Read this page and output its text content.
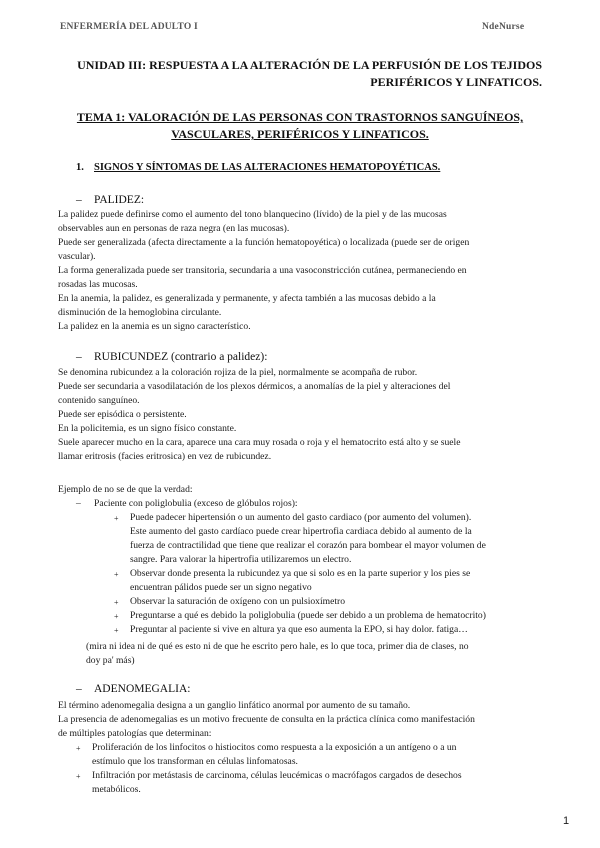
ENFERMERÍA DEL ADULTO I	NdeNurse
UNIDAD III: RESPUESTA A LA ALTERACIÓN DE LA PERFUSIÓN DE LOS TEJIDOS
PERIFÉRICOS Y LINFATICOS.
TEMA 1: VALORACIÓN DE LAS PERSONAS CON TRASTORNOS SANGUÍNEOS,
VASCULARES, PERIFÉRICOS Y LINFATICOS.
1. SIGNOS Y SÍNTOMAS DE LAS ALTERACIONES HEMATOPOYÉTICAS.
– PALIDEZ:
La palidez puede definirse como el aumento del tono blanquecino (lívido) de la piel y de las mucosas
observables aun en personas de raza negra (en las mucosas).
Puede ser generalizada (afecta directamente a la función hematopoyética) o localizada (puede ser de origen
vascular).
La forma generalizada puede ser transitoria, secundaria a una vasoconstricción cutánea, permaneciendo en
rosadas las mucosas.
En la anemia, la palidez, es generalizada y permanente, y afecta también a las mucosas debido a la
disminución de la hemoglobina circulante.
La palidez en la anemia es un signo característico.
– RUBICUNDEZ (contrario a palidez):
Se denomina rubicundez a la coloración rojiza de la piel, normalmente se acompaña de rubor.
Puede ser secundaria a vasodilatación de los plexos dérmicos, a anomalías de la piel y alteraciones del
contenido sanguíneo.
Puede ser episódica o persistente.
En la policitemia, es un signo físico constante.
Suele aparecer mucho en la cara, aparece una cara muy rosada o roja y el hematocrito está alto y se suele
llamar eritrosis (facies eritrosica) en vez de rubicundez.
Ejemplo de no se de que la verdad:
– Paciente con poliglobulia (exceso de glóbulos rojos):
+ Puede padecer hipertensión o un aumento del gasto cardiaco (por aumento del volumen).
Este aumento del gasto cardíaco puede crear hipertrofia cardiaca debido al aumento de la
fuerza de contractilidad que tiene que realizar el corazón para bombear el mayor volumen de
sangre. Para valorar la hipertrofia utilizaremos un electro.
+ Observar donde presenta la rubicundez ya que si solo es en la parte superior y los pies se
encuentran pálidos puede ser un signo negativo
+ Observar la saturación de oxígeno con un pulsioxímetro
+ Preguntarse a qué es debido la poliglobulia (puede ser debido a un problema de hematocrito)
+ Preguntar al paciente si vive en altura ya que eso aumenta la EPO, si hay dolor. fatiga…
(mira ni idea ni de qué es esto ni de que he escrito pero hale, es lo que toca, primer dia de clases, no
doy pa' más)
– ADENOMEGALIA:
El término adenomegalia designa a un ganglio linfático anormal por aumento de su tamaño.
La presencia de adenomegalias es un motivo frecuente de consulta en la práctica clínica como manifestación
de múltiples patologías que determinan:
+ Proliferación de los linfocitos o histiocitos como respuesta a la exposición a un antígeno o a un
estímulo que los transforman en células linfomatosas.
+ Infiltración por metástasis de carcinoma, células leucémicas o macrófagos cargados de desechos
metabólicos.
1
